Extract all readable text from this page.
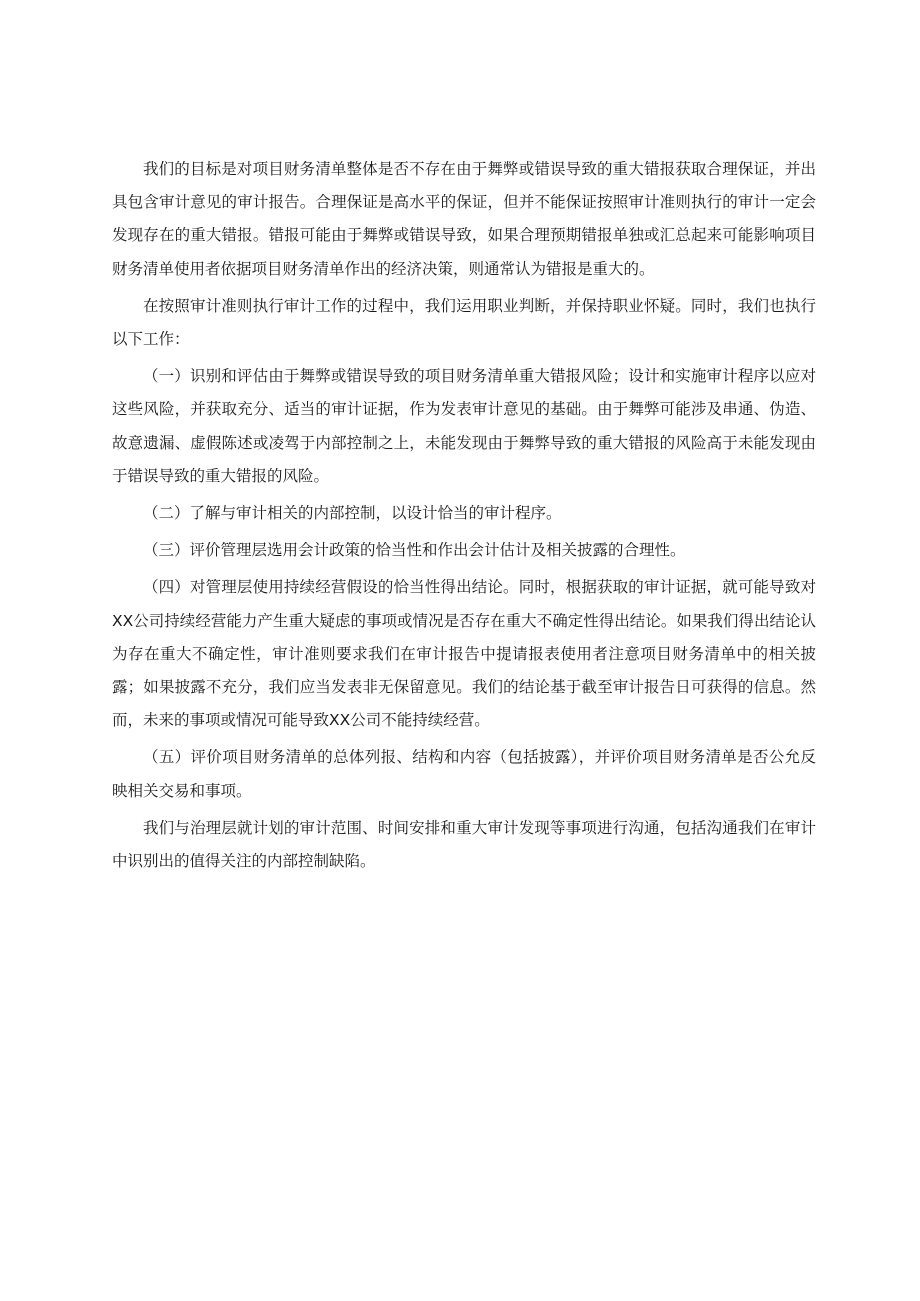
我们的目标是对项目财务清单整体是否不存在由于舞弊或错误导致的重大错报获取合理保证，并出具包含审计意见的审计报告。合理保证是高水平的保证，但并不能保证按照审计准则执行的审计一定会发现存在的重大错报。错报可能由于舞弊或错误导致，如果合理预期错报单独或汇总起来可能影响项目财务清单使用者依据项目财务清单作出的经济决策，则通常认为错报是重大的。

在按照审计准则执行审计工作的过程中，我们运用职业判断，并保持职业怀疑。同时，我们也执行以下工作：

（一）识别和评估由于舞弊或错误导致的项目财务清单重大错报风险；设计和实施审计程序以应对这些风险，并获取充分、适当的审计证据，作为发表审计意见的基础。由于舞弊可能涉及串通、伪造、故意遗漏、虚假陈述或凌驾于内部控制之上，未能发现由于舞弊导致的重大错报的风险高于未能发现由于错误导致的重大错报的风险。

（二）了解与审计相关的内部控制，以设计恰当的审计程序。

（三）评价管理层选用会计政策的恰当性和作出会计估计及相关披露的合理性。

（四）对管理层使用持续经营假设的恰当性得出结论。同时，根据获取的审计证据，就可能导致对XX公司持续经营能力产生重大疑虑的事项或情况是否存在重大不确定性得出结论。如果我们得出结论认为存在重大不确定性，审计准则要求我们在审计报告中提请报表使用者注意项目财务清单中的相关披露；如果披露不充分，我们应当发表非无保留意见。我们的结论基于截至审计报告日可获得的信息。然而，未来的事项或情况可能导致XX公司不能持续经营。

（五）评价项目财务清单的总体列报、结构和内容（包括披露），并评价项目财务清单是否公允反映相关交易和事项。

我们与治理层就计划的审计范围、时间安排和重大审计发现等事项进行沟通，包括沟通我们在审计中识别出的值得关注的内部控制缺陷。
